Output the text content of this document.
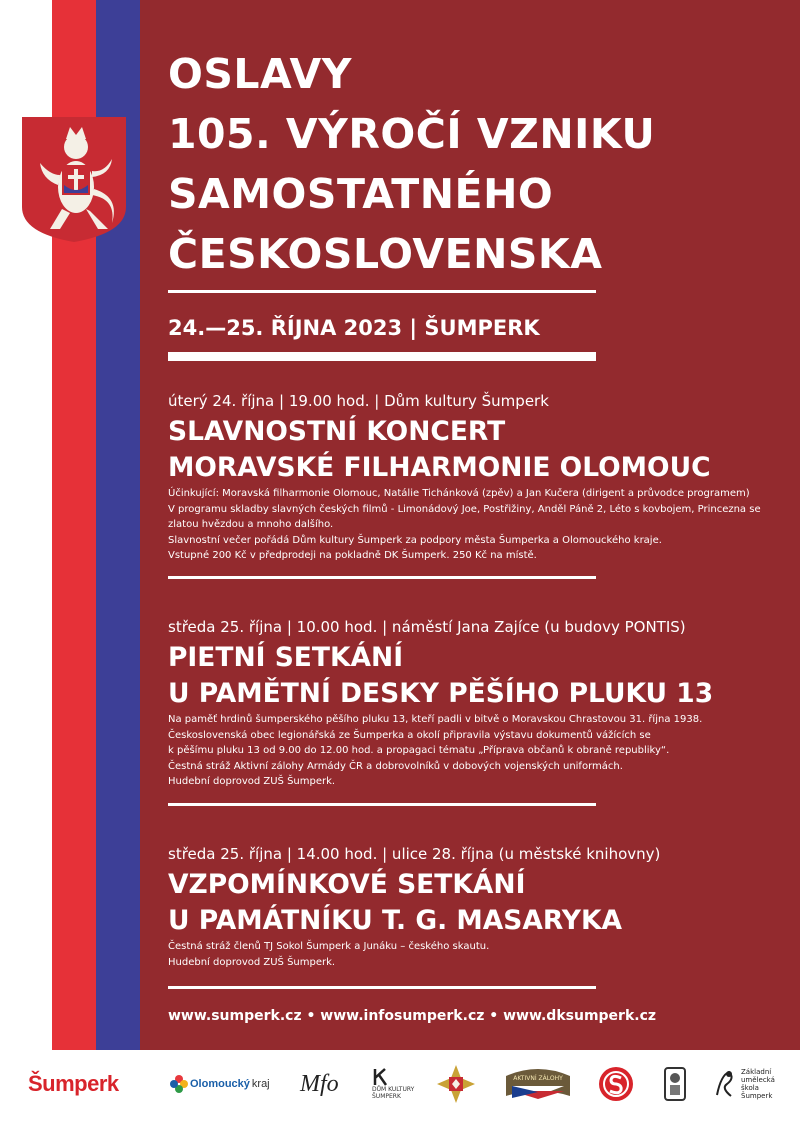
OSLAVY
105. VÝROČÍ VZNIKU
SAMOSTATNÉHO
ČESKOSLOVENSKA
24.—25. ŘÍJNA 2023 | ŠUMPERK
úterý 24. října | 19.00 hod. | Dům kultury Šumperk
SLAVNOSTNÍ KONCERT
MORAVSKÉ FILHARMONIE OLOMOUC
Účinkující: Moravská filharmonie Olomouc, Natálie Tichánková (zpěv) a Jan Kučera (dirigent a průvodce programem)
V programu skladby slavných českých filmů - Limonádový Joe, Postřižiny, Anděl Páně 2, Léto s kovbojem, Princezna se
zlatou hvězdou a mnoho dalšího.
Slavnostní večer pořádá Dům kultury Šumperk za podpory města Šumperka a Olomouckého kraje.
Vstupné 200 Kč v předprodeji na pokladně DK Šumperk. 250 Kč na místě.
středa 25. října | 10.00 hod. | náměstí Jana Zajíce (u budovy PONTIS)
PIETNÍ SETKÁNÍ
U PAMĚTNÍ DESKY PĚŠÍHO PLUKU 13
Na paměť hrdinů šumperského pěšího pluku 13, kteří padli v bitvě o Moravskou Chrastovou 31. října 1938.
Československá obec legionářská ze Šumperka a okolí připravila výstavu dokumentů vážících se
k pěšímu pluku 13 od 9.00 do 12.00 hod. a propagaci tématu „Příprava občanů k obraně republiky“.
Čestná stráž Aktivní zálohy Armády ČR a dobrovolníků v dobových vojenských uniformách.
Hudební doprovod ZUŠ Šumperk.
středa 25. října | 14.00 hod. | ulice 28. října (u městské knihovny)
VZPOMÍNKOVÉ SETKÁNÍ
U PAMÁTNÍKU T. G. MASARYKA
Čestná stráž členů TJ Sokol Šumperk a Junáku – českého skautu.
Hudební doprovod ZUŠ Šumperk.
www.sumperk.cz • www.infosumperk.cz • www.dksumperk.cz
Šumperk	Olomoucký kraj Mfo	DŮM KULTURY
ŠUMPERK
AKTIVNÍ ZÁLOHY
Základní
umělecká
škola
Šumperk
